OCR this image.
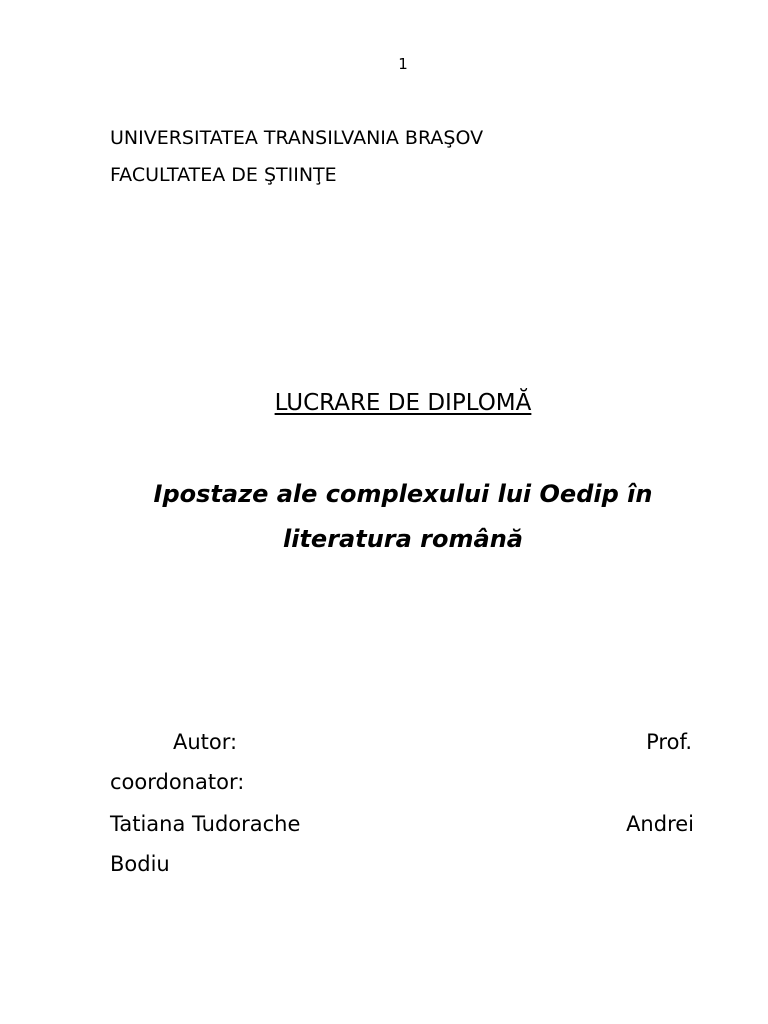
1
UNIVERSITATEA TRANSILVANIA BRAŞOV
FACULTATEA DE ŞTIINŢE
LUCRARE DE DIPLOMĂ
Ipostaze ale complexului lui Oedip în
literatura română
Autor:	Prof.
coordonator:
Tatiana Tudorache	Andrei
Bodiu
